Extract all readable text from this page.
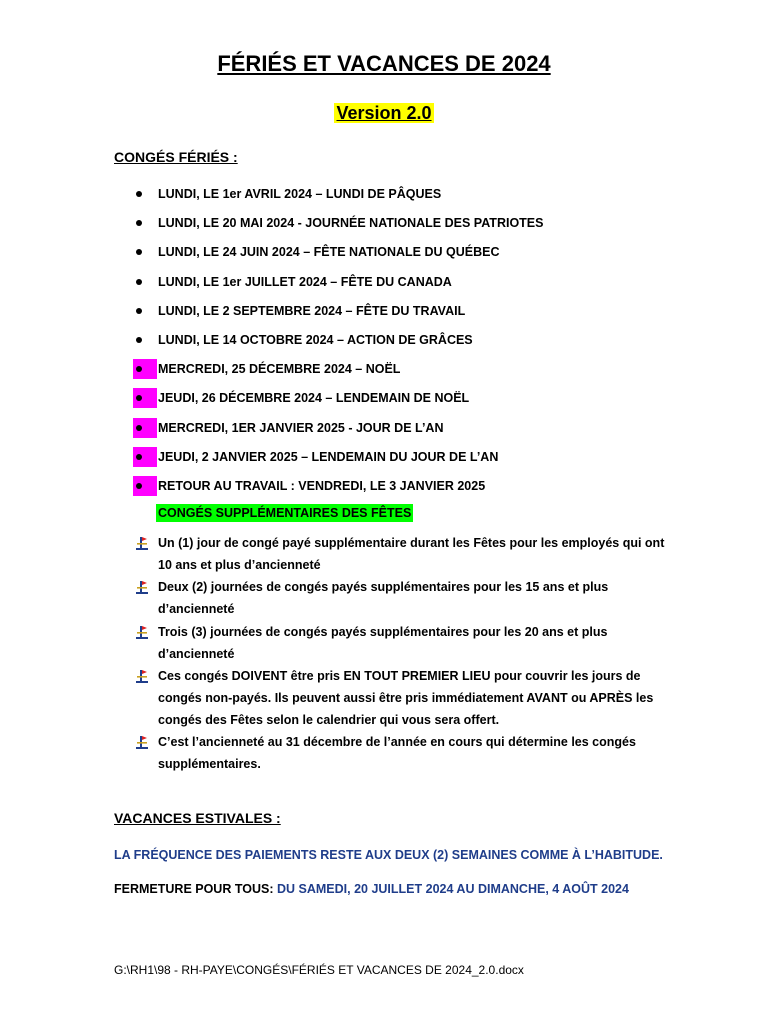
FÉRIÉS ET VACANCES DE 2024
Version 2.0
CONGÉS FÉRIÉS :
LUNDI, LE 1er AVRIL 2024 – LUNDI DE PÂQUES
LUNDI, LE 20 MAI 2024 - JOURNÉE NATIONALE DES PATRIOTES
LUNDI, LE 24 JUIN 2024 – FÊTE NATIONALE DU QUÉBEC
LUNDI, LE 1er JUILLET 2024 – FÊTE DU CANADA
LUNDI, LE 2 SEPTEMBRE 2024 – FÊTE DU TRAVAIL
LUNDI, LE 14 OCTOBRE 2024 – ACTION DE GRÂCES
MERCREDI, 25 DÉCEMBRE 2024 – NOËL
JEUDI, 26 DÉCEMBRE 2024 – LENDEMAIN DE NOËL
MERCREDI, 1ER JANVIER 2025 - JOUR DE L’AN
JEUDI, 2 JANVIER 2025 – LENDEMAIN DU JOUR DE L’AN
RETOUR AU TRAVAIL : VENDREDI, LE 3 JANVIER 2025
CONGÉS SUPPLÉMENTAIRES DES FÊTES

Un (1) jour de congé payé supplémentaire durant les Fêtes pour les employés qui ont 10 ans et plus d’ancienneté

Deux (2) journées de congés payés supplémentaires pour les 15 ans et plus d’ancienneté

Trois (3) journées de congés payés supplémentaires pour les 20 ans et plus d’ancienneté

Ces congés DOIVENT être pris EN TOUT PREMIER LIEU pour couvrir les jours de congés non-payés. Ils peuvent aussi être pris immédiatement AVANT ou APRÈS les congés des Fêtes selon le calendrier qui vous sera offert.

C’est l’ancienneté au 31 décembre de l’année en cours qui détermine les congés supplémentaires.

VACANCES ESTIVALES :
LA FRÉQUENCE DES PAIEMENTS RESTE AUX DEUX (2) SEMAINES COMME À L’HABITUDE.
FERMETURE POUR TOUS: DU SAMEDI, 20 JUILLET 2024 AU DIMANCHE, 4 AOÛT 2024
G:\RH1\98 - RH-PAYE\CONGÉS\FÉRIÉS ET VACANCES DE 2024_2.0.docx
